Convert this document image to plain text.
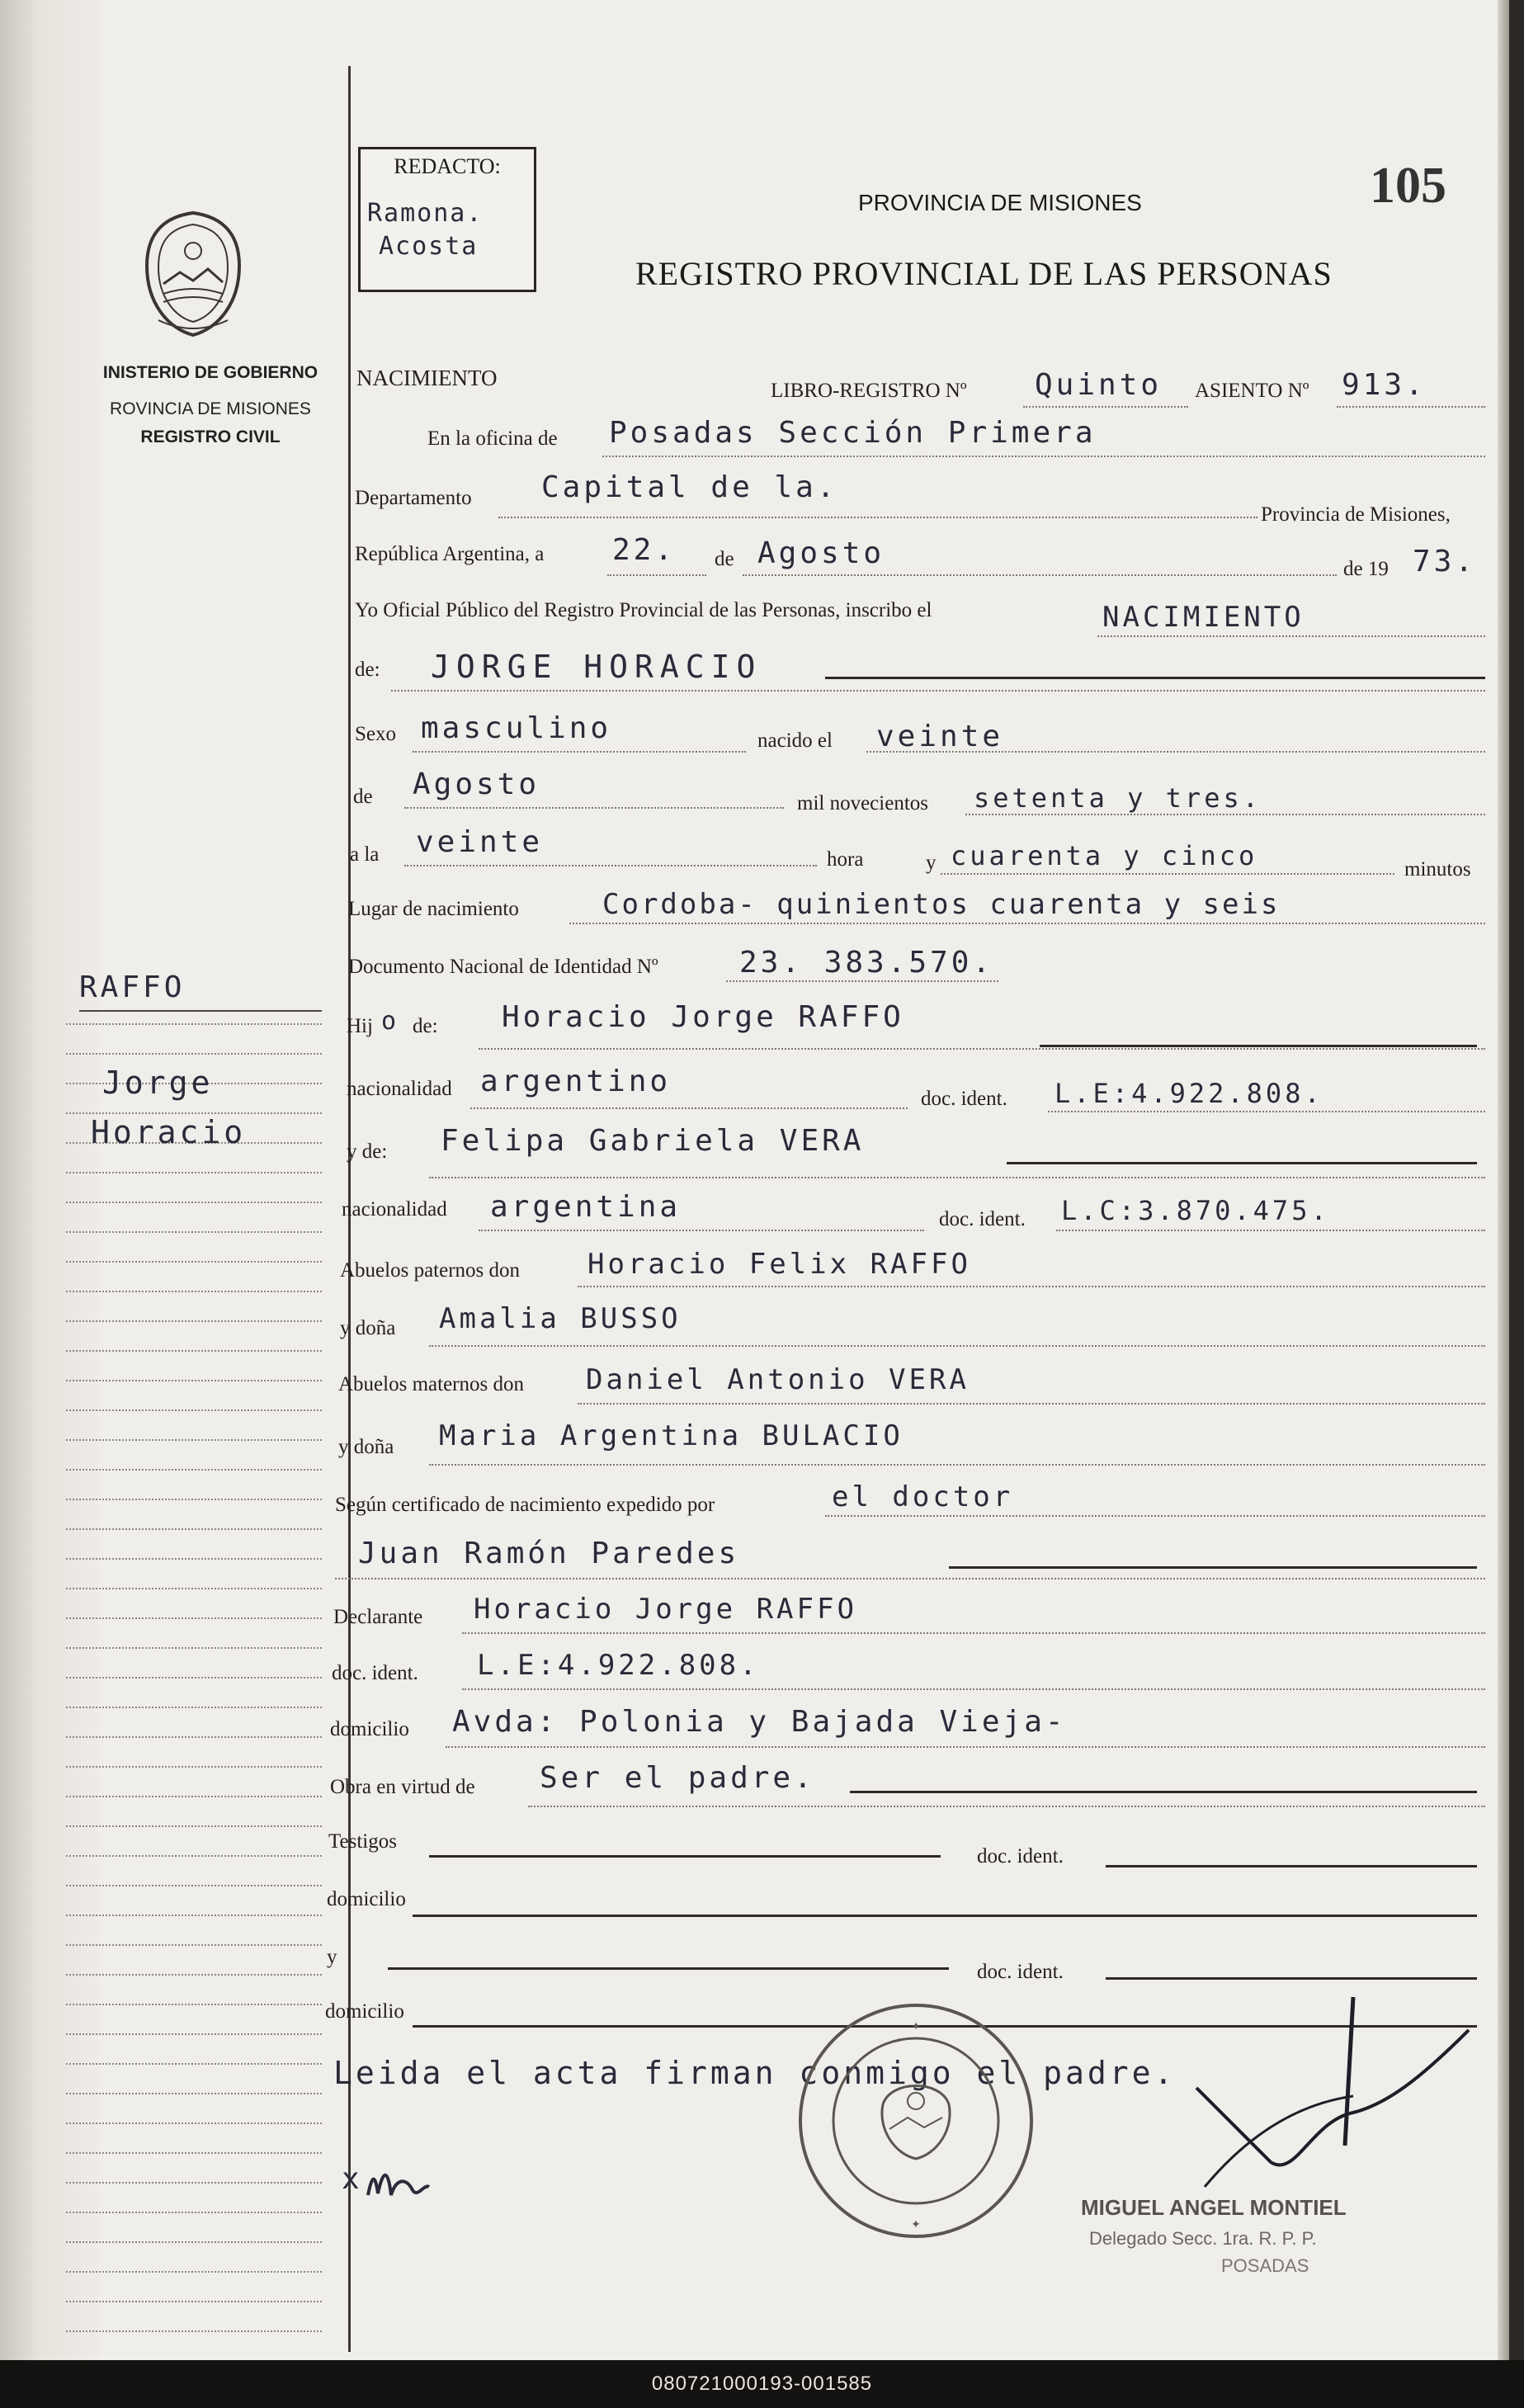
INISTERIO DE GOBIERNO
ROVINCIA DE MISIONES
REGISTRO CIVIL
RAFFO
Jorge
Horacio
REDACTO:
Ramona.
Acosta
PROVINCIA DE MISIONES
REGISTRO PROVINCIAL DE LAS PERSONAS
105
NACIMIENTO
LIBRO-REGISTRO Nº Quinto ASIENTO Nº 913.
En la oficina de Posadas Sección Primera
Departamento Capital de la.
Provincia de Misiones,
República Argentina, a 22. de Agosto	de 19 73.
Yo Oficial Público del Registro Provincial de las Personas, inscribo el	NACIMIENTO
de: JORGE HORACIO
Sexo masculino	nacido el veinte
de Agosto
mil novecientos setenta y tres.
a la veinte
hora	y cuarenta y cinco	minutos
Lugar de nacimiento	Cordoba- quinientos cuarenta y seis
Documento Nacional de Identidad Nº	23. 383.570.
Hij o de: Horacio Jorge RAFFO
nacionalidad argentino
doc. ident. L.E:4.922.808.
y de: Felipa Gabriela VERA
nacionalidad argentina	doc. ident. L.C:3.870.475.
Abuelos paternos don Horacio Felix RAFFO
y doña Amalia BUSSO
Abuelos maternos don Daniel Antonio VERA
y doña Maria Argentina BULACIO
Según certificado de nacimiento expedido por	el doctor
Juan Ramón Paredes
Declarante Horacio Jorge RAFFO
doc. ident. L.E:4.922.808.
domicilio Avda: Polonia y Bajada Vieja-
Obra en virtud de Ser el padre.
Testigos
doc. ident.
domicilio
y
doc. ident.
domicilio
Leida el acta firman conmigo el padre.
x
✦
✦
MIGUEL ANGEL MONTIEL
Delegado Secc. 1ra. R. P. P.
POSADAS
080721000193-001585
